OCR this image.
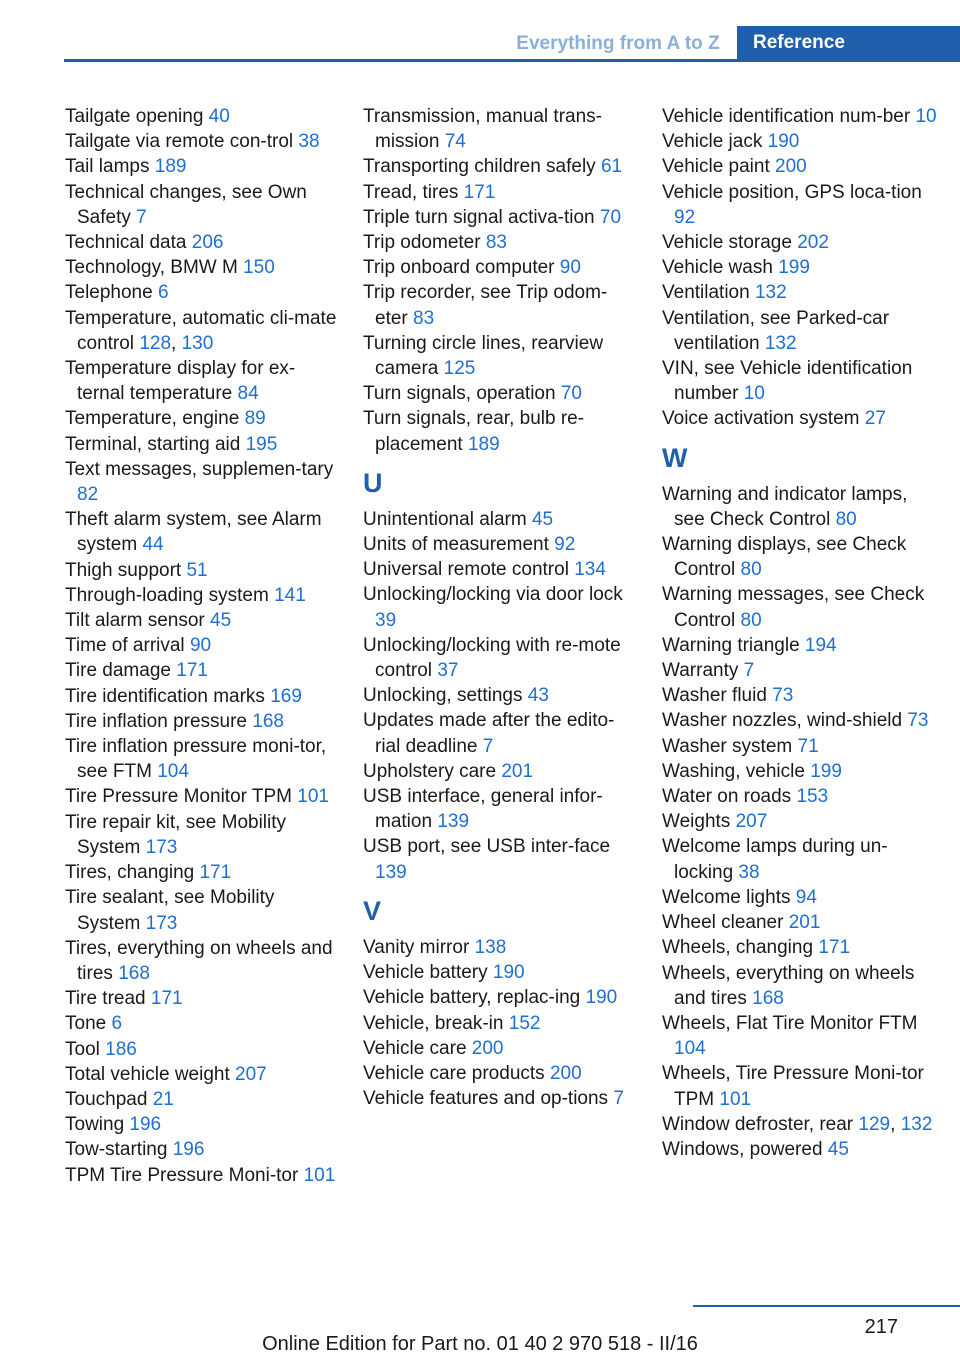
Everything from A to Z	Reference

Tailgate opening 40

Tailgate via remote con-trol 38

Tail lamps 189

Technical changes, see Own Safety 7

Technical data 206

Technology, BMW M 150

Telephone 6

Temperature, automatic cli-mate control 128, 130

Temperature display for ex-ternal temperature 84

Temperature, engine 89

Terminal, starting aid 195

Text messages, supplemen-tary 82

Theft alarm system, see Alarm system 44

Thigh support 51

Through-loading system 141

Tilt alarm sensor 45

Time of arrival 90

Tire damage 171

Tire identification marks 169

Tire inflation pressure 168

Tire inflation pressure moni-tor, see FTM 104

Tire Pressure Monitor TPM 101

Tire repair kit, see Mobility System 173

Tires, changing 171

Tire sealant, see Mobility System 173

Tires, everything on wheels and tires 168

Tire tread 171

Tone 6

Tool 186

Total vehicle weight 207

Touchpad 21

Towing 196

Tow-starting 196

TPM Tire Pressure Moni-tor 101

Transmission, manual trans-mission 74

Transporting children safely 61

Tread, tires 171

Triple turn signal activa-tion 70

Trip odometer 83

Trip onboard computer 90

Trip recorder, see Trip odom-eter 83

Turning circle lines, rearview camera 125

Turn signals, operation 70

Turn signals, rear, bulb re-placement 189

U

Unintentional alarm 45

Units of measurement 92

Universal remote control 134

Unlocking/locking via door lock 39

Unlocking/locking with re-mote control 37

Unlocking, settings 43

Updates made after the edito-rial deadline 7

Upholstery care 201

USB interface, general infor-mation 139

USB port, see USB inter-face 139

V

Vanity mirror 138

Vehicle battery 190

Vehicle battery, replac-ing 190

Vehicle, break-in 152

Vehicle care 200

Vehicle care products 200

Vehicle features and op-tions 7

Vehicle identification num-ber 10

Vehicle jack 190

Vehicle paint 200

Vehicle position, GPS loca-tion 92

Vehicle storage 202

Vehicle wash 199

Ventilation 132

Ventilation, see Parked-car ventilation 132

VIN, see Vehicle identification number 10

Voice activation system 27

W

Warning and indicator lamps, see Check Control 80

Warning displays, see Check Control 80

Warning messages, see Check Control 80

Warning triangle 194

Warranty 7

Washer fluid 73

Washer nozzles, wind-shield 73

Washer system 71

Washing, vehicle 199

Water on roads 153

Weights 207

Welcome lamps during un-locking 38

Welcome lights 94

Wheel cleaner 201

Wheels, changing 171

Wheels, everything on wheels and tires 168

Wheels, Flat Tire Monitor FTM 104

Wheels, Tire Pressure Moni-tor TPM 101

Window defroster, rear 129, 132

Windows, powered 45

217
Online Edition for Part no. 01 40 2 970 518 - II/16
